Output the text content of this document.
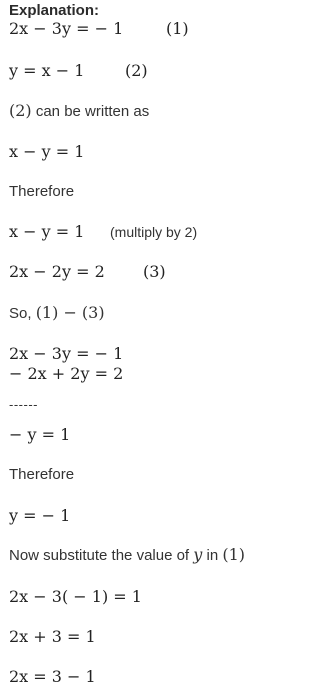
Explanation:
2x − 3y = − 1	(1)
y = x − 1	(2)
(2) can be written as
x − y = 1
Therefore
x − y = 1 (multiply by 2)
2x − 2y = 2 (3)
So, (1) − (3)
2x − 3y = − 1
− 2x + 2y = 2
------
− y = 1
Therefore
y = − 1
Now substitute the value of y in (1)
2x − 3( − 1) = 1
2x + 3 = 1
2x = 3 − 1
